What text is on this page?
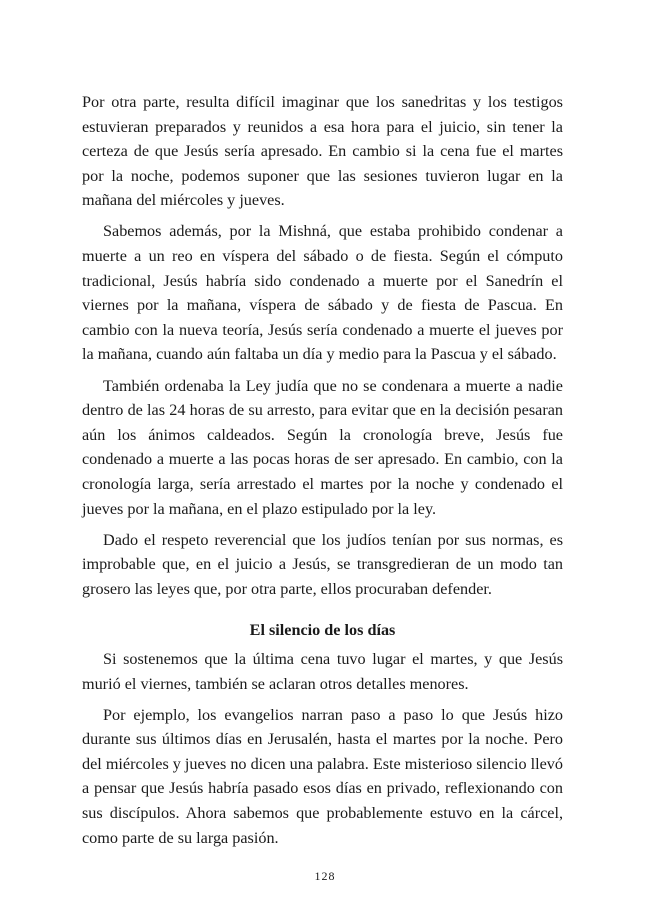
Por otra parte, resulta difícil imaginar que los sanedritas y los testigos estuvieran preparados y reunidos a esa hora para el juicio, sin tener la certeza de que Jesús sería apresado. En cambio si la cena fue el martes por la noche, podemos suponer que las sesiones tuvieron lugar en la mañana del miércoles y jueves.

Sabemos además, por la Mishná, que estaba prohibido condenar a muerte a un reo en víspera del sábado o de fiesta. Según el cómputo tradicional, Jesús habría sido condenado a muerte por el Sanedrín el viernes por la mañana, víspera de sábado y de fiesta de Pascua. En cambio con la nueva teoría, Jesús sería condenado a muerte el jueves por la mañana, cuando aún faltaba un día y medio para la Pascua y el sábado.

También ordenaba la Ley judía que no se condenara a muerte a nadie dentro de las 24 horas de su arresto, para evitar que en la decisión pesaran aún los ánimos caldeados. Según la cronología breve, Jesús fue condenado a muerte a las pocas horas de ser apresado. En cambio, con la cronología larga, sería arrestado el martes por la noche y condenado el jueves por la mañana, en el plazo estipulado por la ley.

Dado el respeto reverencial que los judíos tenían por sus normas, es improbable que, en el juicio a Jesús, se transgredieran de un modo tan grosero las leyes que, por otra parte, ellos procuraban defender.

El silencio de los días

Si sostenemos que la última cena tuvo lugar el martes, y que Jesús murió el viernes, también se aclaran otros detalles menores.

Por ejemplo, los evangelios narran paso a paso lo que Jesús hizo durante sus últimos días en Jerusalén, hasta el martes por la noche. Pero del miércoles y jueves no dicen una palabra. Este misterioso silencio llevó a pensar que Jesús habría pasado esos días en privado, reflexionando con sus discípulos. Ahora sabemos que probablemente estuvo en la cárcel, como parte de su larga pasión.

128
